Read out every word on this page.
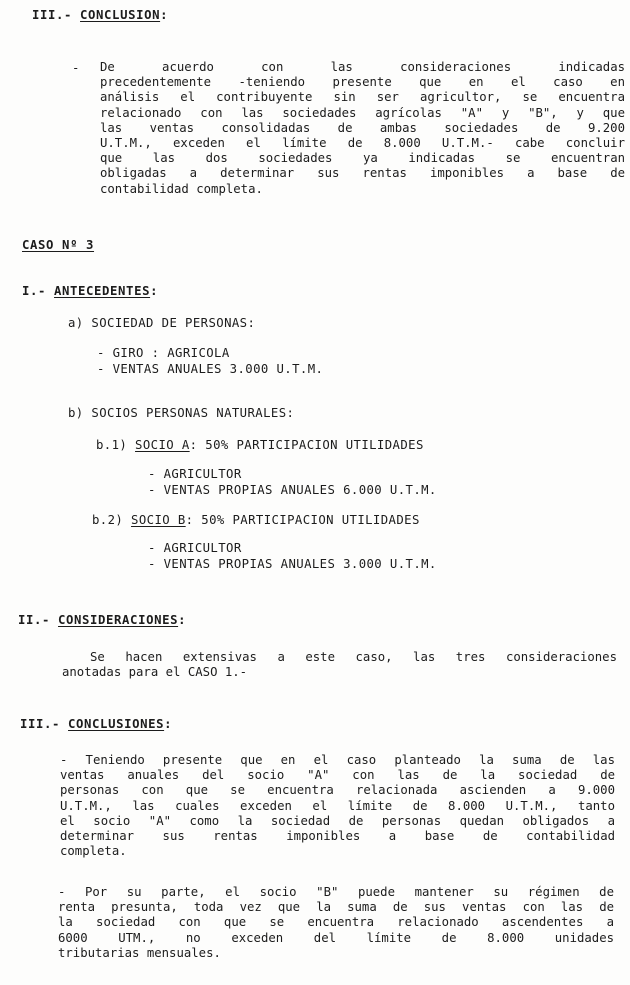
III.- CONCLUSION:
- De acuerdo con las consideraciones indicadas
precedentemente -teniendo presente que en el caso en
análisis el contribuyente sin ser agricultor, se encuentra
relacionado con las sociedades agrícolas "A" y "B", y que
las ventas consolidadas de ambas sociedades de 9.200
U.T.M., exceden el límite de 8.000 U.T.M.- cabe concluir
que las dos sociedades ya indicadas se encuentran
obligadas a determinar sus rentas imponibles a base de
contabilidad completa.
CASO Nº 3
I.- ANTECEDENTES:
a) SOCIEDAD DE PERSONAS:
- GIRO : AGRICOLA
- VENTAS ANUALES 3.000 U.T.M.
b) SOCIOS PERSONAS NATURALES:
b.1) SOCIO A: 50% PARTICIPACION UTILIDADES
- AGRICULTOR
- VENTAS PROPIAS ANUALES 6.000 U.T.M.
b.2) SOCIO B: 50% PARTICIPACION UTILIDADES
- AGRICULTOR
- VENTAS PROPIAS ANUALES 3.000 U.T.M.
II.- CONSIDERACIONES:
Se hacen extensivas a este caso, las tres consideraciones
anotadas para el CASO 1.-
III.- CONCLUSIONES:
- Teniendo presente que en el caso planteado la suma de las
ventas anuales del socio "A" con las de la sociedad de
personas con que se encuentra relacionada ascienden a 9.000
U.T.M., las cuales exceden el límite de 8.000 U.T.M., tanto
el socio "A" como la sociedad de personas quedan obligados a
determinar sus rentas imponibles a base de contabilidad
completa.
- Por su parte, el socio "B" puede mantener su régimen de
renta presunta, toda vez que la suma de sus ventas con las de
la sociedad con que se encuentra relacionado ascendentes a
6000 UTM., no exceden del límite de 8.000 unidades
tributarias mensuales.
